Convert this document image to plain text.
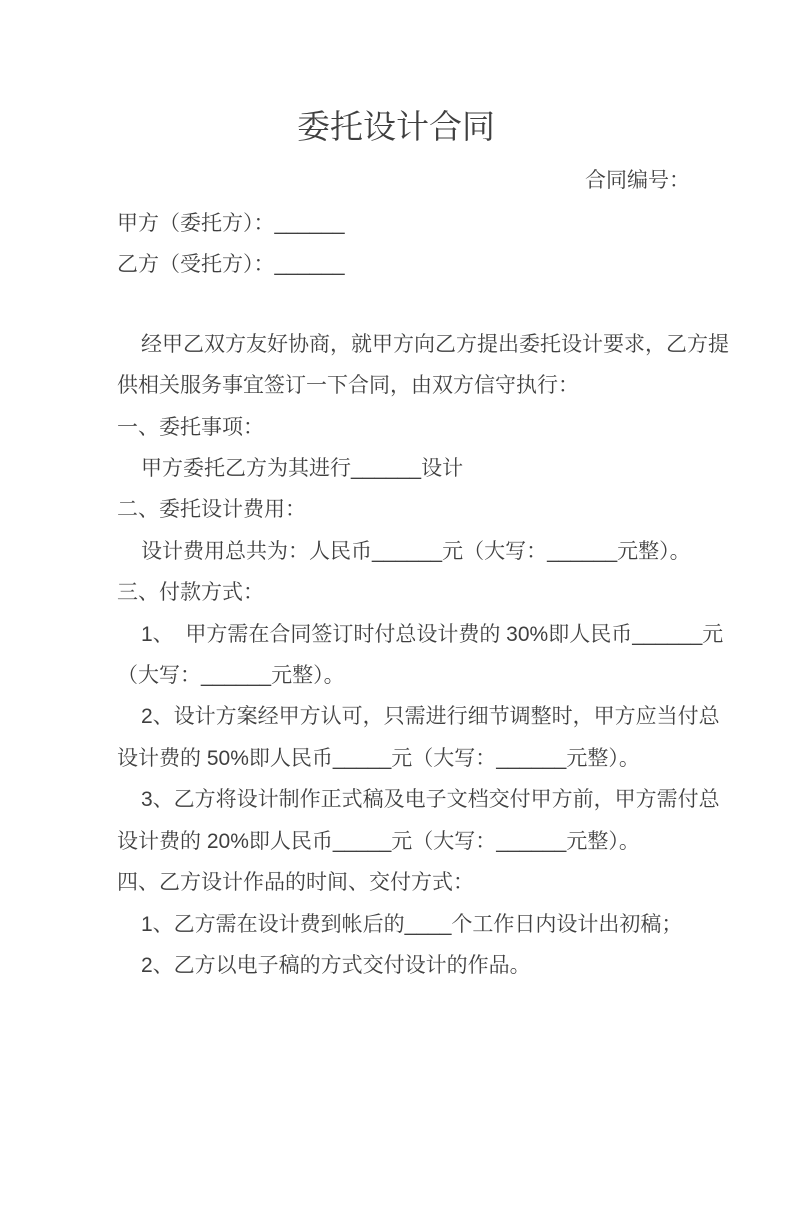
委托设计合同
合同编号：
甲方（委托方）：______
乙方（受托方）：______
经甲乙双方友好协商，就甲方向乙方提出委托设计要求，乙方提
供相关服务事宜签订一下合同，由双方信守执行：
一、委托事项：
甲方委托乙方为其进行______设计
二、委托设计费用：
设计费用总共为：人民币______元（大写：______元整）。
三、付款方式：
1、  甲方需在合同签订时付总设计费的 30%即人民币______元
（大写：______元整）。
2、设计方案经甲方认可，只需进行细节调整时，甲方应当付总
设计费的 50%即人民币_____元（大写：______元整）。
3、乙方将设计制作正式稿及电子文档交付甲方前，甲方需付总
设计费的 20%即人民币_____元（大写：______元整）。
四、乙方设计作品的时间、交付方式：
1、乙方需在设计费到帐后的____个工作日内设计出初稿；
2、乙方以电子稿的方式交付设计的作品。
